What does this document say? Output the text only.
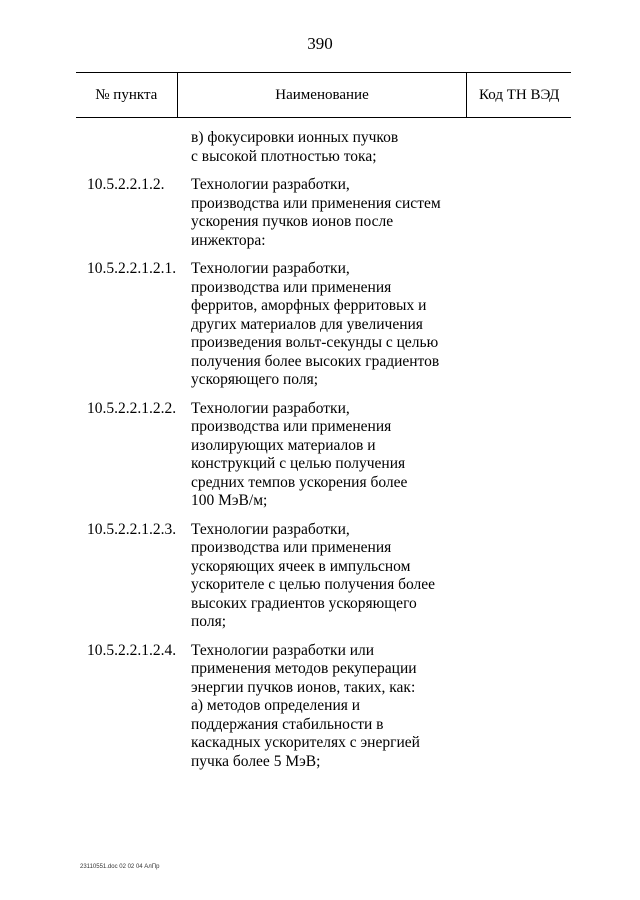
390
№ пункта	Наименование	Код ТН ВЭД
в) фокусировки ионных пучков
с высокой плотностью тока;
10.5.2.2.1.2. Технологии разработки,
производства или применения систем
ускорения пучков ионов после
инжектора:
10.5.2.2.1.2.1. Технологии разработки,
производства или применения
ферритов, аморфных ферритовых и
других материалов для увеличения
произведения вольт-секунды с целью
получения более высоких градиентов
ускоряющего поля;
10.5.2.2.1.2.2. Технологии разработки,
производства или применения
изолирующих материалов и
конструкций с целью получения
средних темпов ускорения более
100 МэВ/м;
10.5.2.2.1.2.3. Технологии разработки,
производства или применения
ускоряющих ячеек в импульсном
ускорителе с целью получения более
высоких градиентов ускоряющего
поля;
10.5.2.2.1.2.4. Технологии разработки или
применения методов рекуперации
энергии пучков ионов, таких, как:
а) методов определения и
поддержания стабильности в
каскадных ускорителях с энергией
пучка более 5 МэВ;
23110551.doc 02 02 04 АлПр
